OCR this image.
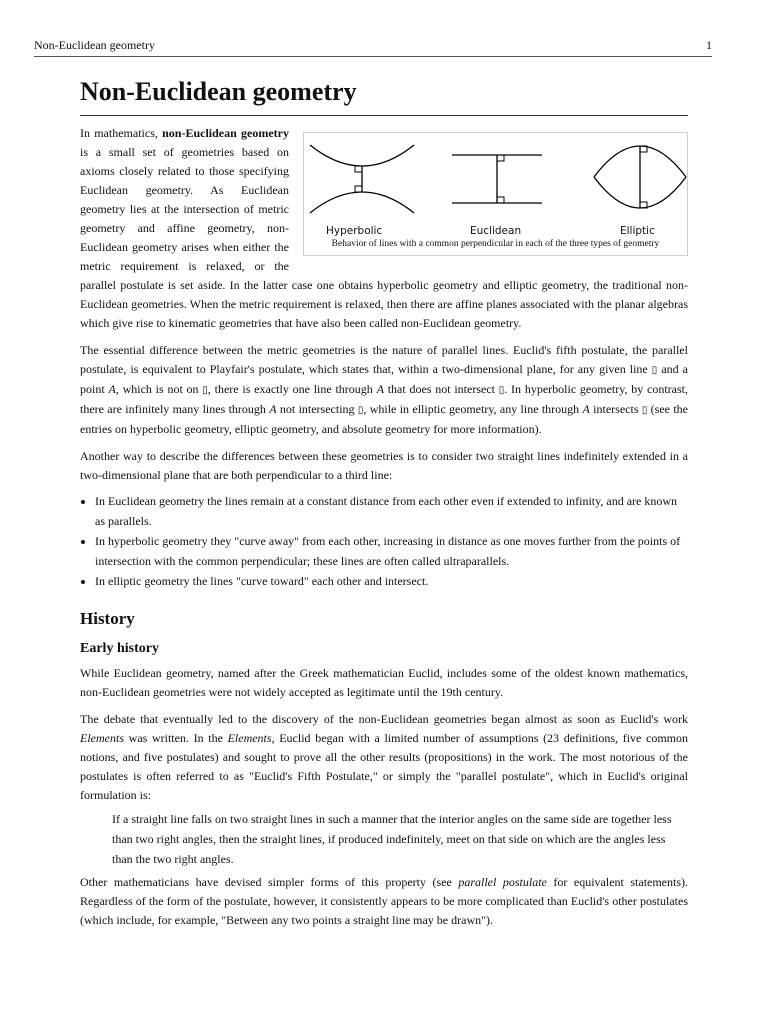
Non-Euclidean geometry	1
Non-Euclidean geometry
Hyperbolic	Euclidean	Elliptic
Behavior of lines with a common perpendicular in each of the three types of geometry

In mathematics, non-Euclidean geometry is a small set of geometries based on axioms closely related to those specifying Euclidean geometry. As Euclidean geometry lies at the intersection of metric geometry and affine geometry, non-Euclidean geometry arises when either the metric requirement is relaxed, or the parallel postulate is set aside. In the latter case one obtains hyperbolic geometry and elliptic geometry, the traditional non-Euclidean geometries. When the metric requirement is relaxed, then there are affine planes associated with the planar algebras which give rise to kinematic geometries that have also been called non-Euclidean geometry.

The essential difference between the metric geometries is the nature of parallel lines. Euclid's fifth postulate, the parallel postulate, is equivalent to Playfair's postulate, which states that, within a two-dimensional plane, for any given line ▯ and a point A, which is not on ▯, there is exactly one line through A that does not intersect ▯. In hyperbolic geometry, by contrast, there are infinitely many lines through A not intersecting ▯, while in elliptic geometry, any line through A intersects ▯ (see the entries on hyperbolic geometry, elliptic geometry, and absolute geometry for more information).

Another way to describe the differences between these geometries is to consider two straight lines indefinitely extended in a two-dimensional plane that are both perpendicular to a third line:

• In Euclidean geometry the lines remain at a constant distance from each other even if extended to infinity, and are known as parallels.
• In hyperbolic geometry they "curve away" from each other, increasing in distance as one moves further from the points of intersection with the common perpendicular; these lines are often called ultraparallels.
• In elliptic geometry the lines "curve toward" each other and intersect.
History
Early history

While Euclidean geometry, named after the Greek mathematician Euclid, includes some of the oldest known mathematics, non-Euclidean geometries were not widely accepted as legitimate until the 19th century.

The debate that eventually led to the discovery of the non-Euclidean geometries began almost as soon as Euclid's work Elements was written. In the Elements, Euclid began with a limited number of assumptions (23 definitions, five common notions, and five postulates) and sought to prove all the other results (propositions) in the work. The most notorious of the postulates is often referred to as "Euclid's Fifth Postulate," or simply the "parallel postulate", which in Euclid's original formulation is:

If a straight line falls on two straight lines in such a manner that the interior angles on the same side are together less than two right angles, then the straight lines, if produced indefinitely, meet on that side on which are the angles less than the two right angles.

Other mathematicians have devised simpler forms of this property (see parallel postulate for equivalent statements). Regardless of the form of the postulate, however, it consistently appears to be more complicated than Euclid's other postulates (which include, for example, "Between any two points a straight line may be drawn").
